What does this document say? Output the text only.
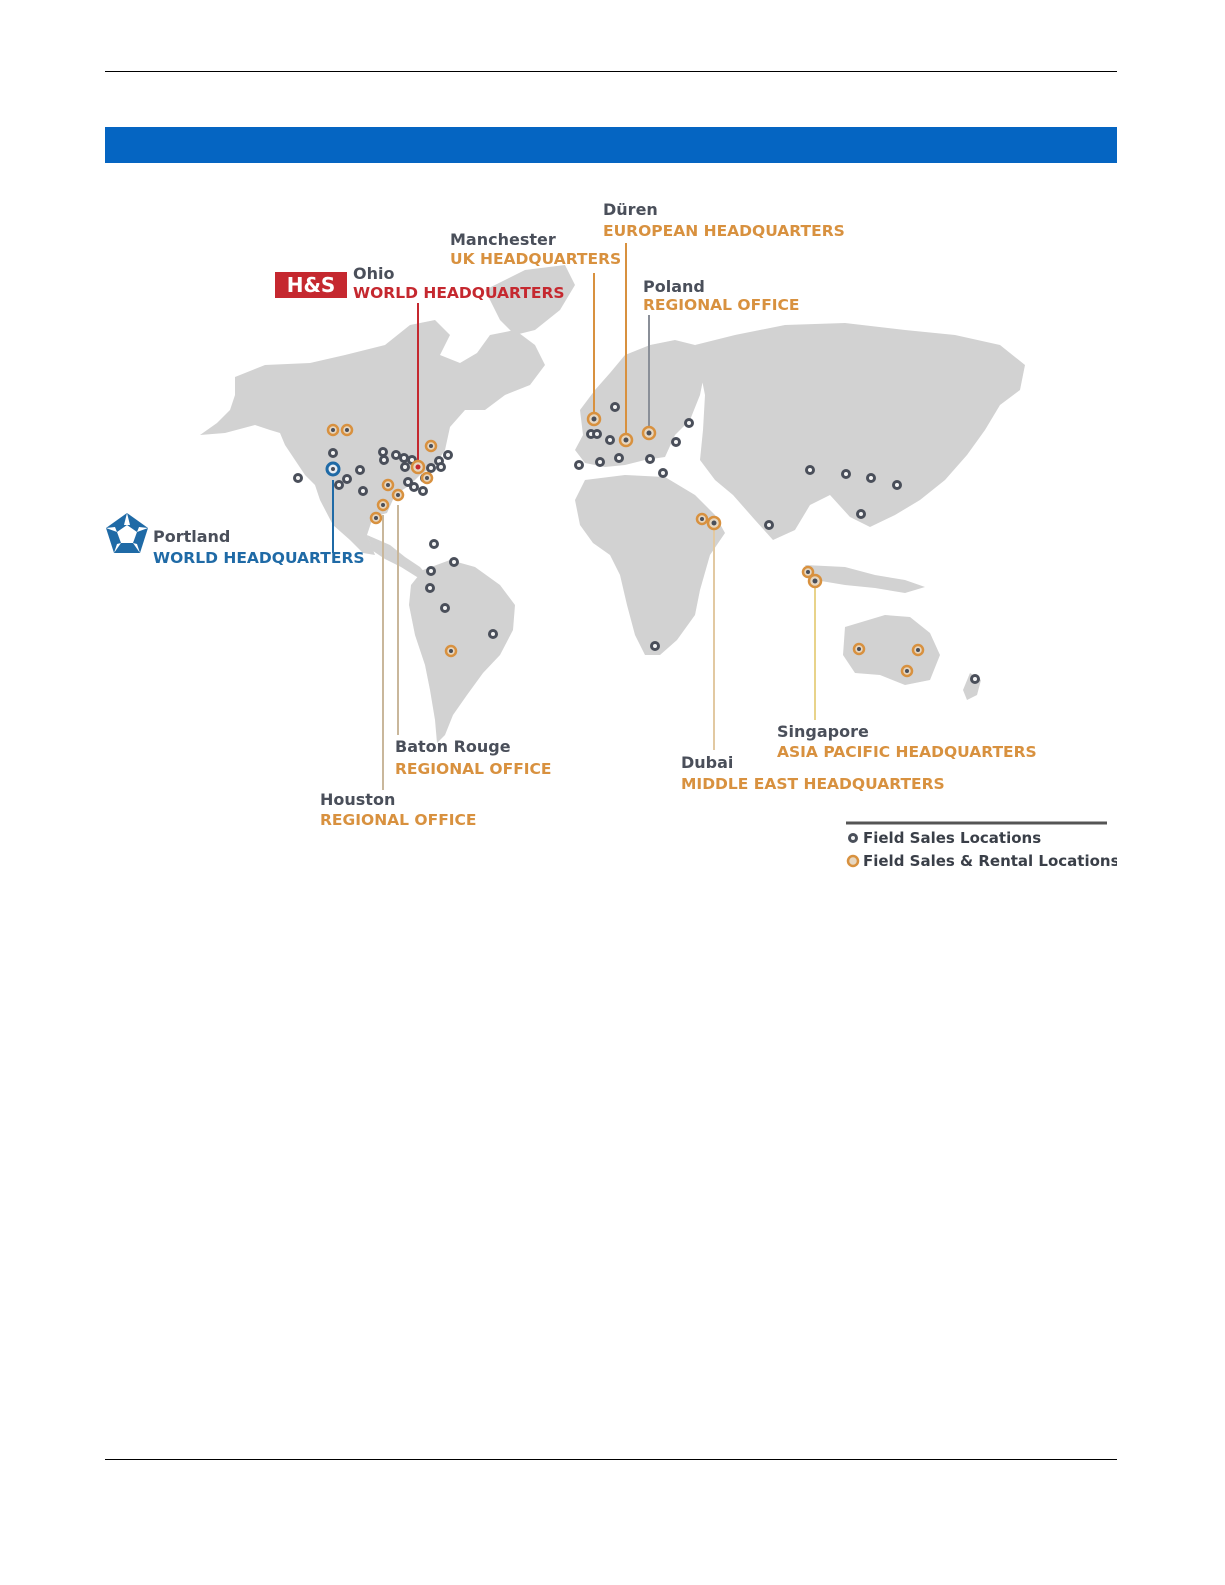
H&S Ohio
WORLD HEADQUARTERS
Manchester
UK HEADQUARTERS
Düren
EUROPEAN HEADQUARTERS
Poland
REGIONAL OFFICE
Portland
WORLD HEADQUARTERS
Baton Rouge
REGIONAL OFFICE
Houston
REGIONAL OFFICE
Dubai
MIDDLE EAST HEADQUARTERS
Singapore
ASIA PACIFIC HEADQUARTERS
Field Sales Locations
Field Sales & Rental Locations
